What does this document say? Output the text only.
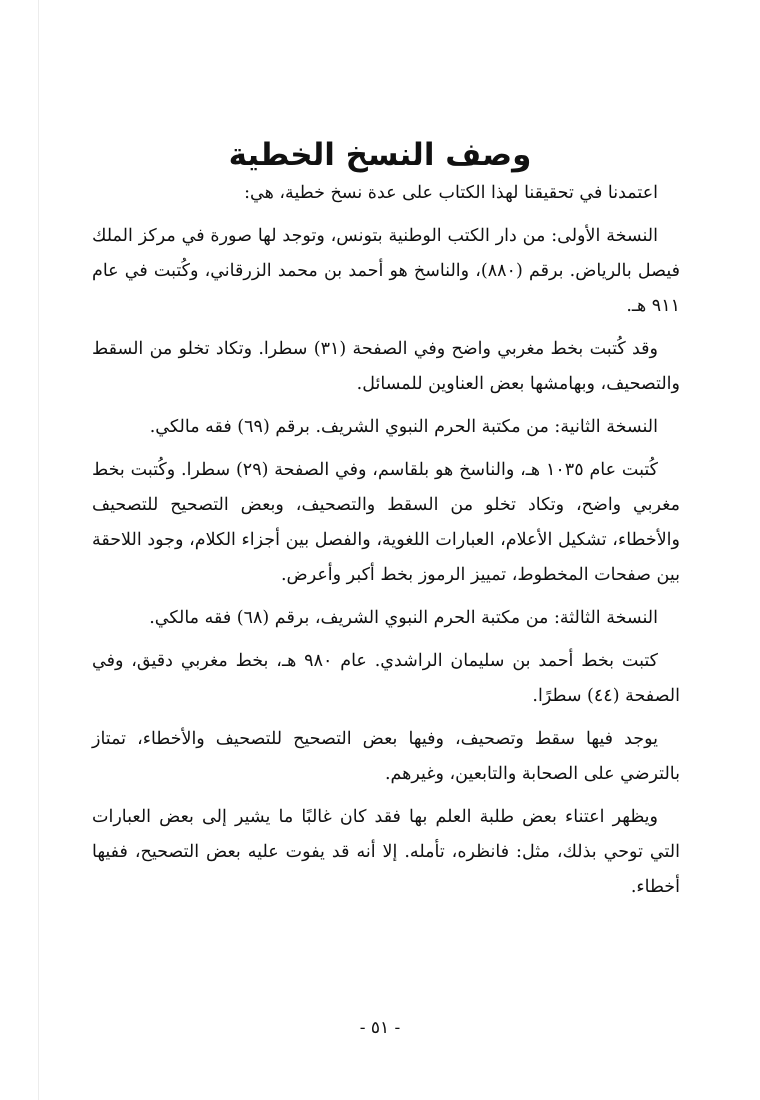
وصف النسخ الخطية

اعتمدنا في تحقيقنا لهذا الكتاب على عدة نسخ خطية، هي:

النسخة الأولى: من دار الكتب الوطنية بتونس، وتوجد لها صورة في مركز الملك فيصل بالرياض. برقم (٨٨٠)، والناسخ هو أحمد بن محمد الزرقاني، وكُتبت في عام ٩١١ هـ.

وقد كُتبت بخط مغربي واضح وفي الصفحة (٣١) سطرا. وتكاد تخلو من السقط والتصحيف، وبهامشها بعض العناوين للمسائل.

النسخة الثانية: من مكتبة الحرم النبوي الشريف. برقم (٦٩) فقه مالكي.

كُتبت عام ١٠٣٥ هـ، والناسخ هو بلقاسم، وفي الصفحة (٢٩) سطرا. وكُتبت بخط مغربي واضح، وتكاد تخلو من السقط والتصحيف، وبعض التصحيح للتصحيف والأخطاء، تشكيل الأعلام، العبارات اللغوية، والفصل بين أجزاء الكلام، وجود اللاحقة بين صفحات المخطوط، تمييز الرموز بخط أكبر وأعرض.

النسخة الثالثة: من مكتبة الحرم النبوي الشريف، برقم (٦٨) فقه مالكي.

كتبت بخط أحمد بن سليمان الراشدي. عام ٩٨٠ هـ، بخط مغربي دقيق، وفي الصفحة (٤٤) سطرًا.

يوجد فيها سقط وتصحيف، وفيها بعض التصحيح للتصحيف والأخطاء، تمتاز بالترضي على الصحابة والتابعين، وغيرهم.

ويظهر اعتناء بعض طلبة العلم بها فقد كان غالبًا ما يشير إلى بعض العبارات التي توحي بذلك، مثل: فانظره، تأمله. إلا أنه قد يفوت عليه بعض التصحيح، ففيها أخطاء.

- ٥١ -
